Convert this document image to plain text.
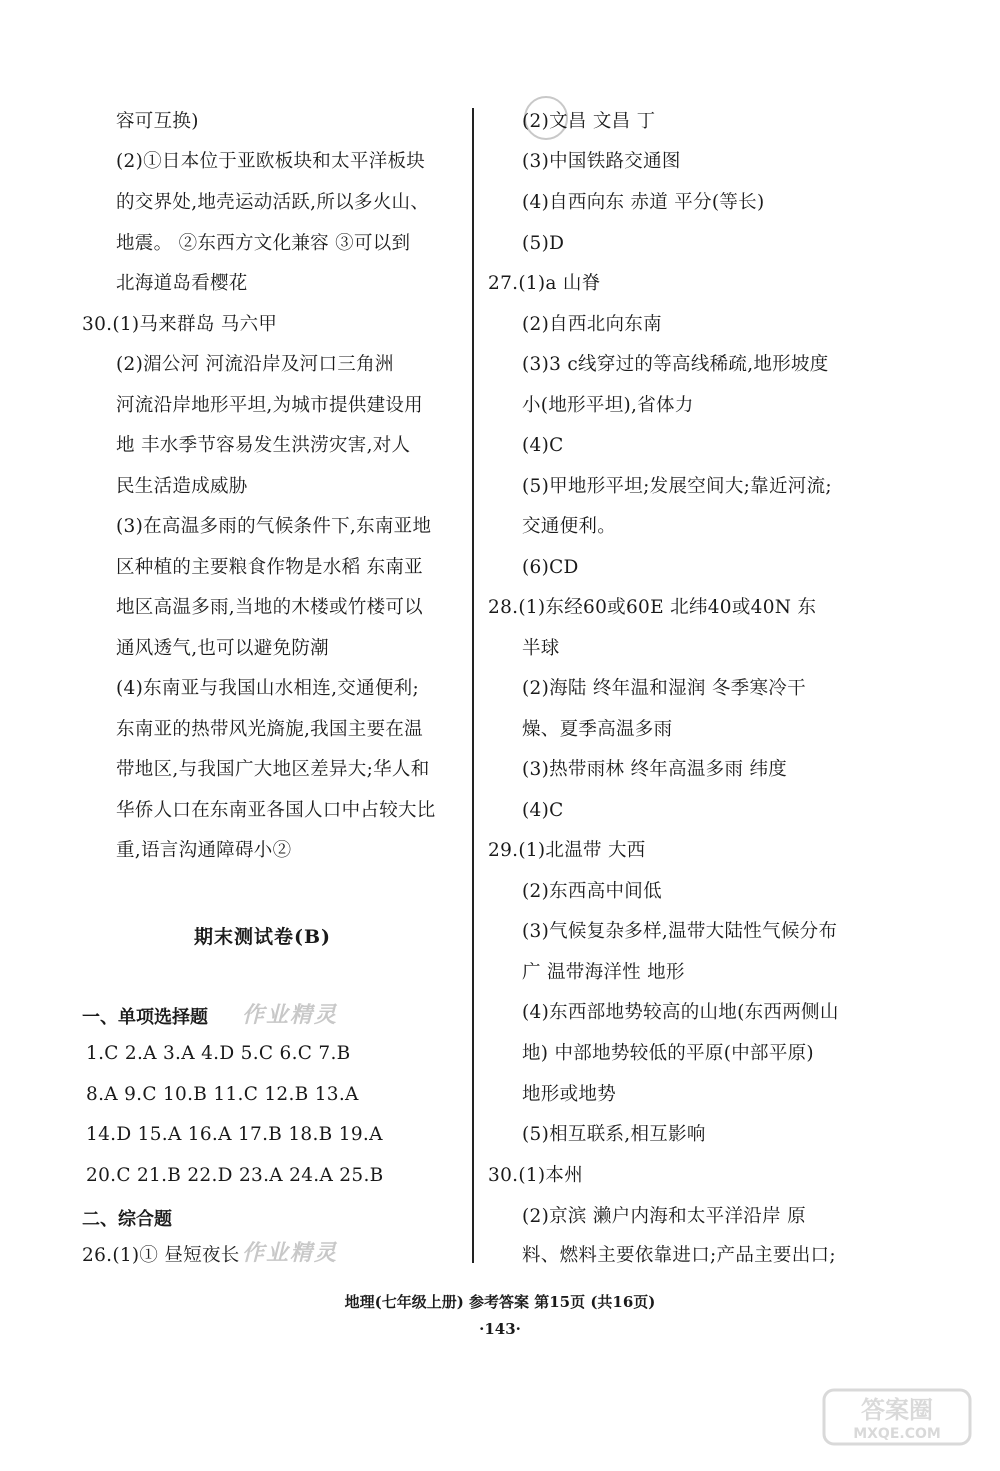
容可互换)
(2)①日本位于亚欧板块和太平洋板块
的交界处,地壳运动活跃,所以多火山、
地震。 ②东西方文化兼容 ③可以到
北海道岛看樱花
30.(1)马来群岛 马六甲
(2)湄公河 河流沿岸及河口三角洲
河流沿岸地形平坦,为城市提供建设用
地 丰水季节容易发生洪涝灾害,对人
民生活造成威胁
(3)在高温多雨的气候条件下,东南亚地
区种植的主要粮食作物是水稻 东南亚
地区高温多雨,当地的木楼或竹楼可以
通风透气,也可以避免防潮
(4)东南亚与我国山水相连,交通便利;
东南亚的热带风光旖旎,我国主要在温
带地区,与我国广大地区差异大;华人和
华侨人口在东南亚各国人口中占较大比
重,语言沟通障碍小②
期末测试卷(B)
一、单项选择题 作业精灵
1.C 2.A 3.A 4.D 5.C 6.C 7.B
8.A 9.C 10.B 11.C 12.B 13.A
14.D 15.A 16.A 17.B 18.B 19.A
20.C 21.B 22.D 23.A 24.A 25.B
二、综合题
作业精灵
26.(1)① 昼短夜长
(2)文昌 文昌 丁
(3)中国铁路交通图
(4)自西向东 赤道 平分(等长)
(5)D
27.(1)a 山脊
(2)自西北向东南
(3)3 c线穿过的等高线稀疏,地形坡度
小(地形平坦),省体力
(4)C
(5)甲地形平坦;发展空间大;靠近河流;
交通便利。
(6)CD
28.(1)东经60或60E 北纬40或40N 东
半球
(2)海陆 终年温和湿润 冬季寒冷干
燥、夏季高温多雨
(3)热带雨林 终年高温多雨 纬度
(4)C
29.(1)北温带 大西
(2)东西高中间低
(3)气候复杂多样,温带大陆性气候分布
广 温带海洋性 地形
(4)东西部地势较高的山地(东西两侧山
地) 中部地势较低的平原(中部平原)
地形或地势
(5)相互联系,相互影响
30.(1)本州
(2)京滨 濑户内海和太平洋沿岸 原
料、燃料主要依靠进口;产品主要出口;
地理(七年级上册) 参考答案 第15页 (共16页)
·143·
答案圈
MXQE.COM
